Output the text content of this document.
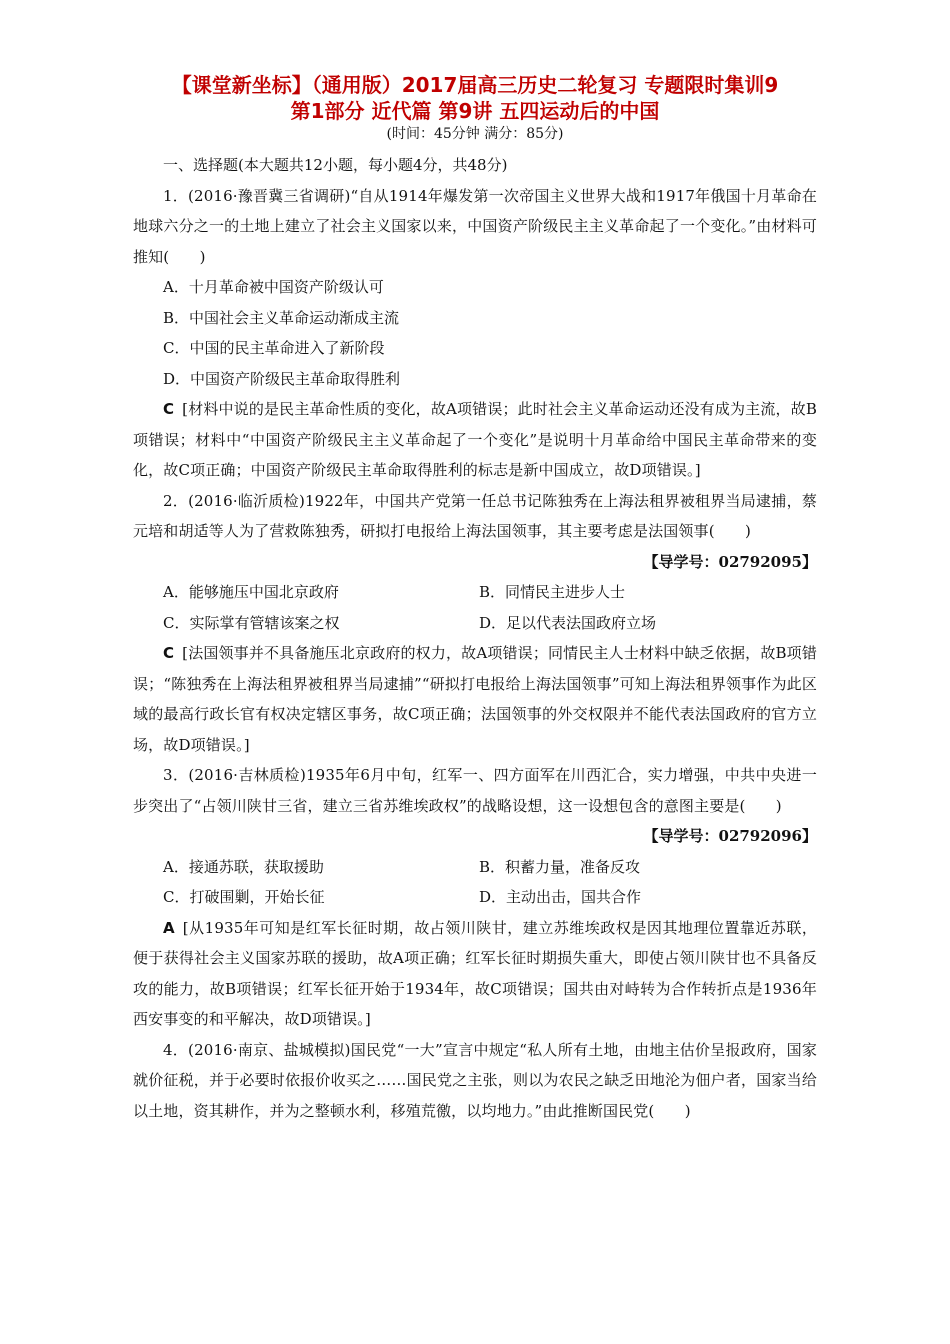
【课堂新坐标】（通用版）2017届高三历史二轮复习 专题限时集训9
第1部分 近代篇 第9讲 五四运动后的中国

(时间：45分钟 满分：85分)

一、选择题(本大题共12小题，每小题4分，共48分)

1．(2016·豫晋冀三省调研)“自从1914年爆发第一次帝国主义世界大战和1917年俄国十月革命在地球六分之一的土地上建立了社会主义国家以来，中国资产阶级民主主义革命起了一个变化。”由材料可推知(　　)

A．十月革命被中国资产阶级认可

B．中国社会主义革命运动渐成主流

C．中国的民主革命进入了新阶段

D．中国资产阶级民主革命取得胜利

C [材料中说的是民主革命性质的变化，故A项错误；此时社会主义革命运动还没有成为主流，故B项错误；材料中“中国资产阶级民主主义革命起了一个变化”是说明十月革命给中国民主革命带来的变化，故C项正确；中国资产阶级民主革命取得胜利的标志是新中国成立，故D项错误。]

2．(2016·临沂质检)1922年，中国共产党第一任总书记陈独秀在上海法租界被租界当局逮捕，蔡元培和胡适等人为了营救陈独秀，研拟打电报给上海法国领事，其主要考虑是法国领事(　　)

【导学号：02792095】

A．能够施压中国北京政府	B．同情民主进步人士
C．实际掌有管辖该案之权	D．足以代表法国政府立场

C [法国领事并不具备施压北京政府的权力，故A项错误；同情民主人士材料中缺乏依据，故B项错误；“陈独秀在上海法租界被租界当局逮捕”“研拟打电报给上海法国领事”可知上海法租界领事作为此区域的最高行政长官有权决定辖区事务，故C项正确；法国领事的外交权限并不能代表法国政府的官方立场，故D项错误。]

3．(2016·吉林质检)1935年6月中旬，红军一、四方面军在川西汇合，实力增强，中共中央进一步突出了“占领川陕甘三省，建立三省苏维埃政权”的战略设想，这一设想包含的意图主要是(　　)

【导学号：02792096】

A．接通苏联，获取援助	B．积蓄力量，准备反攻
C．打破围剿，开始长征	D．主动出击，国共合作

A [从1935年可知是红军长征时期，故占领川陕甘，建立苏维埃政权是因其地理位置靠近苏联，便于获得社会主义国家苏联的援助，故A项正确；红军长征时期损失重大，即使占领川陕甘也不具备反攻的能力，故B项错误；红军长征开始于1934年，故C项错误；国共由对峙转为合作转折点是1936年西安事变的和平解决，故D项错误。]

4．(2016·南京、盐城模拟)国民党“一大”宣言中规定“私人所有土地，由地主估价呈报政府，国家就价征税，并于必要时依报价收买之……国民党之主张，则以为农民之缺乏田地沦为佃户者，国家当给以土地，资其耕作，并为之整顿水利，移殖荒徼，以均地力。”由此推断国民党(　　)
